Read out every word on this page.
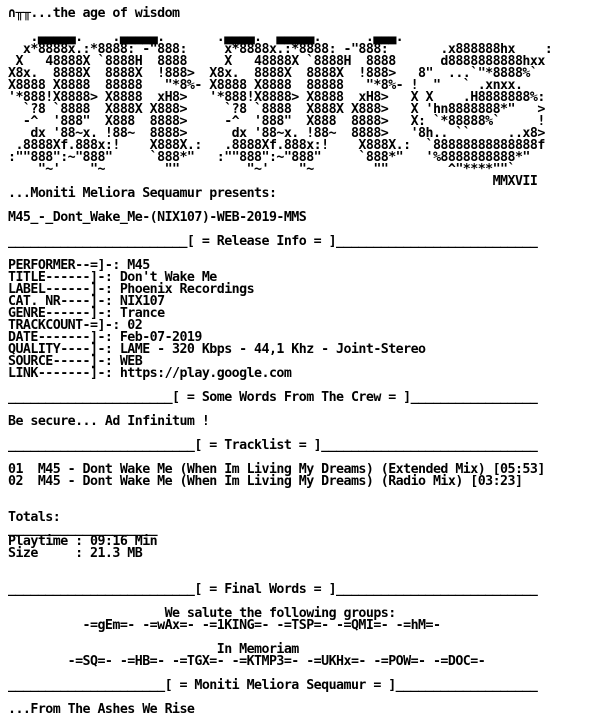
∩╥╥...the age of wisdom
.▄▄▄▄▄.    .▄▄▄▄▄.       .▄▄▄▄.  ▄▄▄▄▄.      .▄▄▄.
x*8888x.:*8888: -"888:     x*8888x.:*8888: -"888:       .x888888hx    :
X   48888X `8888H  8888     X   48888X `8888H  8888      d8888888888hxx
X8x.  8888X  8888X  !888>  X8x.  8888X  8888X  !888>   8"  ...`"*8888%`
X8888 X8888  88888   "*8%- X8888 X8888  88888   "*8%- !  "   ` .xnxx.
'*888!X8888> X8888  xH8>   '*888!X8888> X8888  xH8>   X X    .H8888888%:
`?8 `8888  X888X X888>     `?8 `8888  X888X X888>   X 'hn8888888*"   >
-^  '888"  X888  8888>     -^  '888"  X888  8888>   X: `*88888%`     !
dx '88~x. !88~  8888>      dx '88~x. !88~  8888>   '8h.. ``     ..x8>
.8888Xf.888x:!    X888X.:   .8888Xf.888x:!    X888X.:  `88888888888888f
:""888":~"888"     `888*"   :""888":~"888"     `888*"   '%8888888888*"
"~'    "~        ""         "~'    "~        ""        ^"****""`
MMXVII
...Moniti Meliora Sequamur presents:
M45_-_Dont_Wake_Me-(NIX107)-WEB-2019-MMS
________________________[ = Release Info = ]___________________________
PERFORMER--=]-: M45
TITLE------]-: Don't Wake Me
LABEL------]-: Phoenix Recordings
CAT. NR----]-: NIX107
GENRE------]-: Trance
TRACKCOUNT-=]-: 02
DATE-------]-: Feb-07-2019
QUALITY----]-: LAME - 320 Kbps - 44,1 Khz - Joint-Stereo
SOURCE-----]-: WEB
LINK-------]-: https://play.google.com
______________________[ = Some Words From The Crew = ]_________________
Be secure... Ad Infinitum !
_________________________[ = Tracklist = ]_____________________________
01  M45 - Dont Wake Me (When Im Living My Dreams) (Extended Mix) [05:53]
02  M45 - Dont Wake Me (When Im Living My Dreams) (Radio Mix) [03:23]
Totals:
____________________
Playtime : 09:16 Min
Size     : 21.3 MB
_________________________[ = Final Words = ]___________________________
We salute the following groups:
-=gEm=- -=wAx=- -=1KING=- -=TSP=- -=QMI=- -=hM=-
In Memoriam
-=SQ=- -=HB=- -=TGX=- -=KTMP3=- -=UKHx=- -=POW=- -=DOC=-
_____________________[ = Moniti Meliora Sequamur = ]___________________
...From The Ashes We Rise
